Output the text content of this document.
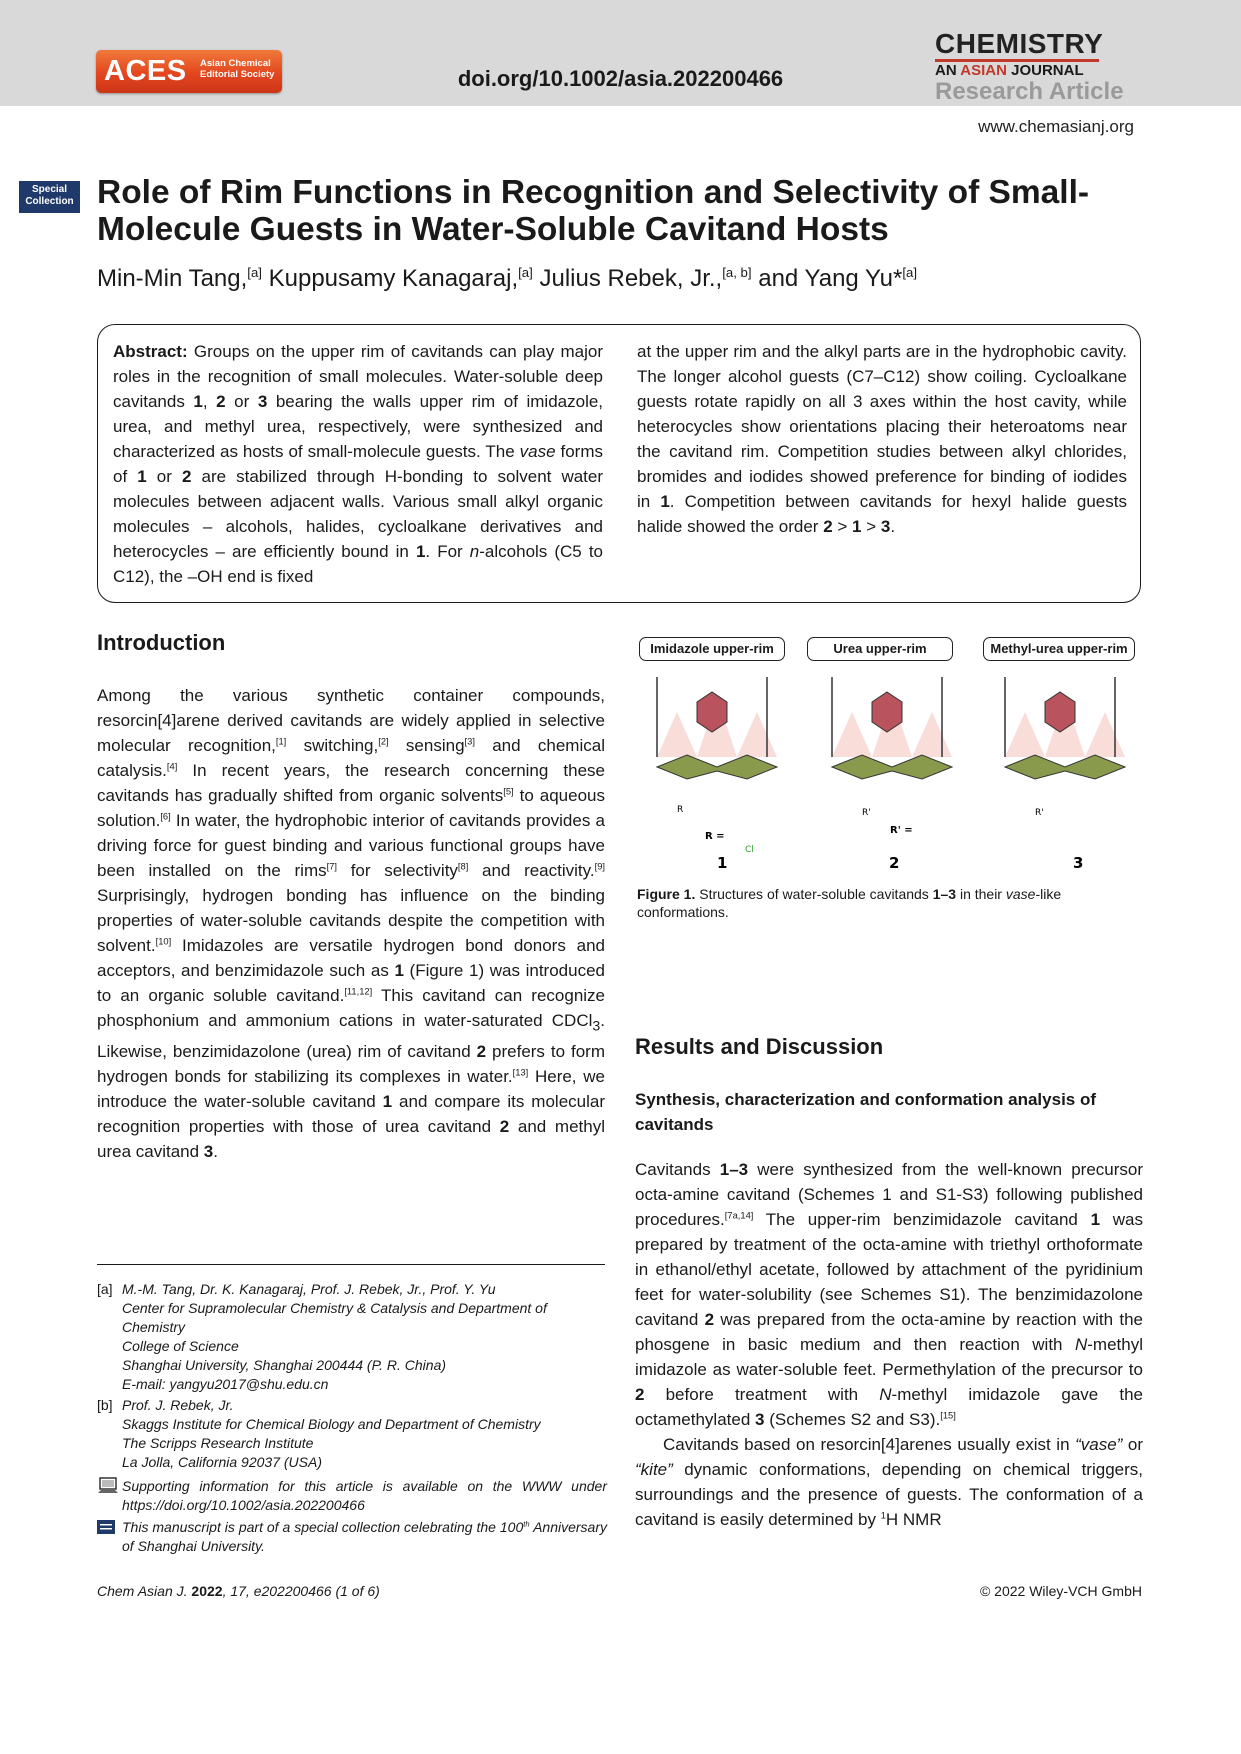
ACES Asian Chemical
Editorial Society	doi.org/10.1002/asia.202200466
CHEMISTRY
AN ASIAN JOURNAL
Research Article
www.chemasianj.org
Special
Collection Role of Rim Functions in Recognition and Selectivity of Small-Molecule Guests in Water-Soluble Cavitand Hosts
Min-Min Tang,[a] Kuppusamy Kanagaraj,[a] Julius Rebek, Jr.,[a, b] and Yang Yu*[a]
Abstract: Groups on the upper rim of cavitands can play major roles in the recognition of small molecules. Water-soluble deep cavitands 1, 2 or 3 bearing the walls upper rim of imidazole, urea, and methyl urea, respectively, were synthesized and characterized as hosts of small-molecule guests. The vase forms of 1 or 2 are stabilized through H-bonding to solvent water molecules between adjacent walls. Various small alkyl organic molecules – alcohols, halides, cycloalkane derivatives and heterocycles – are efficiently bound in 1. For n-alcohols (C5 to C12), the –OH end is fixed
at the upper rim and the alkyl parts are in the hydrophobic cavity. The longer alcohol guests (C7–C12) show coiling. Cycloalkane guests rotate rapidly on all 3 axes within the host cavity, while heterocycles show orientations placing their heteroatoms near the cavitand rim. Competition studies between alkyl chlorides, bromides and iodides showed preference for binding of iodides in 1. Competition between cavitands for hexyl halide guests halide showed the order 2 > 1 > 3.
Introduction
Among the various synthetic container compounds, resorcin[4]arene derived cavitands are widely applied in selective molecular recognition,[1] switching,[2] sensing[3] and chemical catalysis.[4] In recent years, the research concerning these cavitands has gradually shifted from organic solvents[5] to aqueous solution.[6] In water, the hydrophobic interior of cavitands provides a driving force for guest binding and various functional groups have been installed on the rims[7] for selectivity[8] and reactivity.[9] Surprisingly, hydrogen bonding has influence on the binding properties of water-soluble cavitands despite the competition with solvent.[10] Imidazoles are versatile hydrogen bond donors and acceptors, and benzimidazole such as 1 (Figure 1) was introduced to an organic soluble cavitand.[11,12] This cavitand can recognize phosphonium and ammonium cations in water-saturated CDCl$_3$. Likewise, benzimidazolone (urea) rim of cavitand 2 prefers to form hydrogen bonds for stabilizing its complexes in water.[13] Here, we introduce the water-soluble cavitand 1 and compare its molecular recognition properties with those of urea cavitand 2 and methyl urea cavitand 3.
[a] M.-M. Tang, Dr. K. Kanagaraj, Prof. J. Rebek, Jr., Prof. Y. Yu
Center for Supramolecular Chemistry & Catalysis and Department of Chemistry
College of Science
Shanghai University, Shanghai 200444 (P. R. China)
E-mail: yangyu2017@shu.edu.cn
[b] Prof. J. Rebek, Jr.
Skaggs Institute for Chemical Biology and Department of Chemistry
The Scripps Research Institute
La Jolla, California 92037 (USA)
Supporting information for this article is available on the WWW under https://doi.org/10.1002/asia.202200466
This manuscript is part of a special collection celebrating the 100th Anniversary of Shanghai University.
Imidazole upper-rim	Urea upper-rim	Methyl-urea upper-rim
R
R =
Cl
R'
R' =
R'
1	2	3
Figure 1. Structures of water-soluble cavitands 1–3 in their vase-like conformations.
Results and Discussion
Synthesis, characterization and conformation analysis of cavitands

Cavitands 1–3 were synthesized from the well-known precursor octa-amine cavitand (Schemes 1 and S1-S3) following published procedures.[7a,14] The upper-rim benzimidazole cavitand 1 was prepared by treatment of the octa-amine with triethyl orthoformate in ethanol/ethyl acetate, followed by attachment of the pyridinium feet for water-solubility (see Schemes S1). The benzimidazolone cavitand 2 was prepared from the octa-amine by reaction with the phosgene in basic medium and then reaction with N-methyl imidazole as water-soluble feet. Permethylation of the precursor to 2 before treatment with N-methyl imidazole gave the octamethylated 3 (Schemes S2 and S3).[15]

Cavitands based on resorcin[4]arenes usually exist in “vase” or “kite” dynamic conformations, depending on chemical triggers, surroundings and the presence of guests. The conformation of a cavitand is easily determined by $^1$H NMR

Chem Asian J. 2022, 17, e202200466 (1 of 6)	© 2022 Wiley-VCH GmbH
